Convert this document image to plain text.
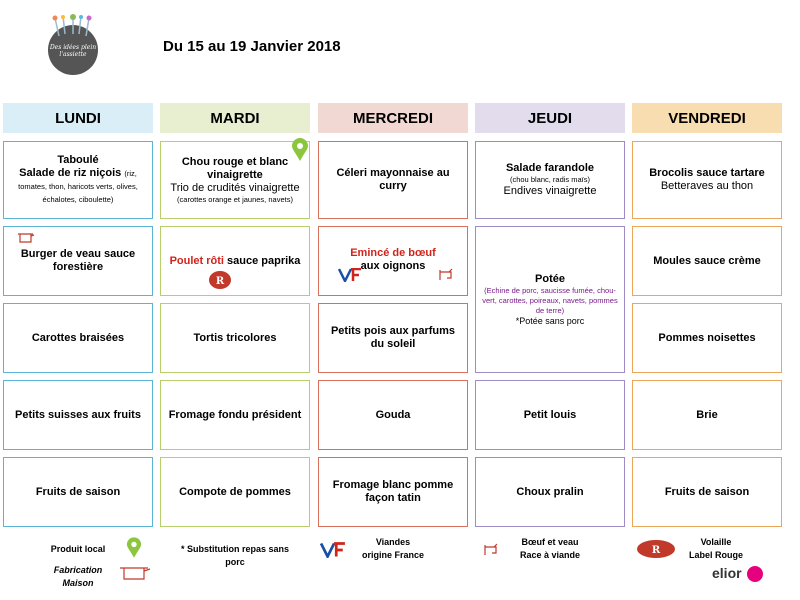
Des idées plein l'assiette	Du 15 au 19 Janvier 2018
LUNDI	MARDI	MERCREDI	JEUDI	VENDREDI
Taboulé
Salade de riz niçois (riz, tomates, thon, haricots verts, olives, échalotes, ciboulette)
Burger de veau sauce forestière
Carottes braisées
Petits suisses aux fruits
Fruits de saison
Chou rouge et blanc vinaigrette
Trio de crudités vinaigrette
(carottes orange et jaunes, navets)
Poulet rôti sauce paprika
Tortis tricolores
Fromage fondu président
Compote de pommes
Céleri mayonnaise au curry
Emincé de bœuf aux oignons
Petits pois aux parfums du soleil
Gouda
Fromage blanc pomme façon tatin
Salade farandole
(chou blanc, radis maïs)
Endives vinaigrette
Potée
(Echine de porc, saucisse fumée, chou-vert, carottes, poireaux, navets, pommes de terre)
*Potée sans porc
Petit louis
Choux pralin
Brocolis sauce tartare
Betteraves au thon
Moules sauce crème
Pommes noisettes
Brie
Fruits de saison
R
Produit local
Fabrication Maison
* Substitution repas sans porc
Viandes
origine France
Bœuf et veau
Race à viande	R
Volaille
Label Rouge
elior
